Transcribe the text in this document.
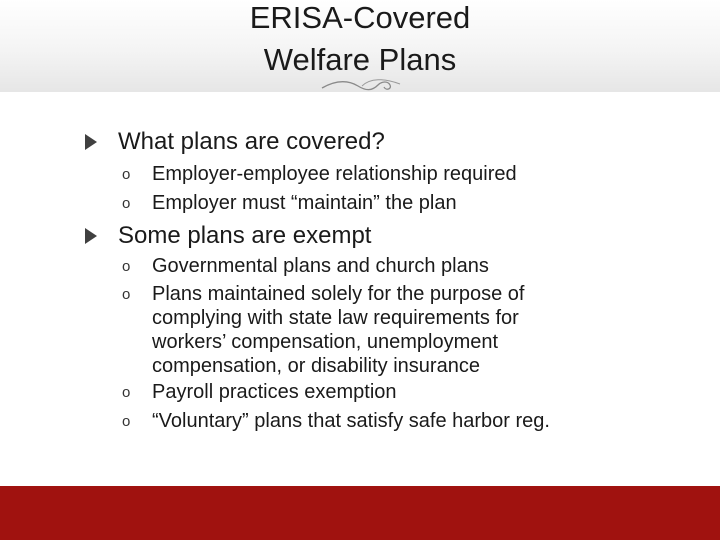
ERISA-Covered
Welfare Plans
What plans are covered?
o Employer-employee relationship required
o Employer must “maintain” the plan
Some plans are exempt
o Governmental plans and church plans
o Plans maintained solely for the purpose of
complying with state law requirements for
workers’ compensation, unemployment
compensation, or disability insurance
o Payroll practices exemption
o “Voluntary” plans that satisfy safe harbor reg.
